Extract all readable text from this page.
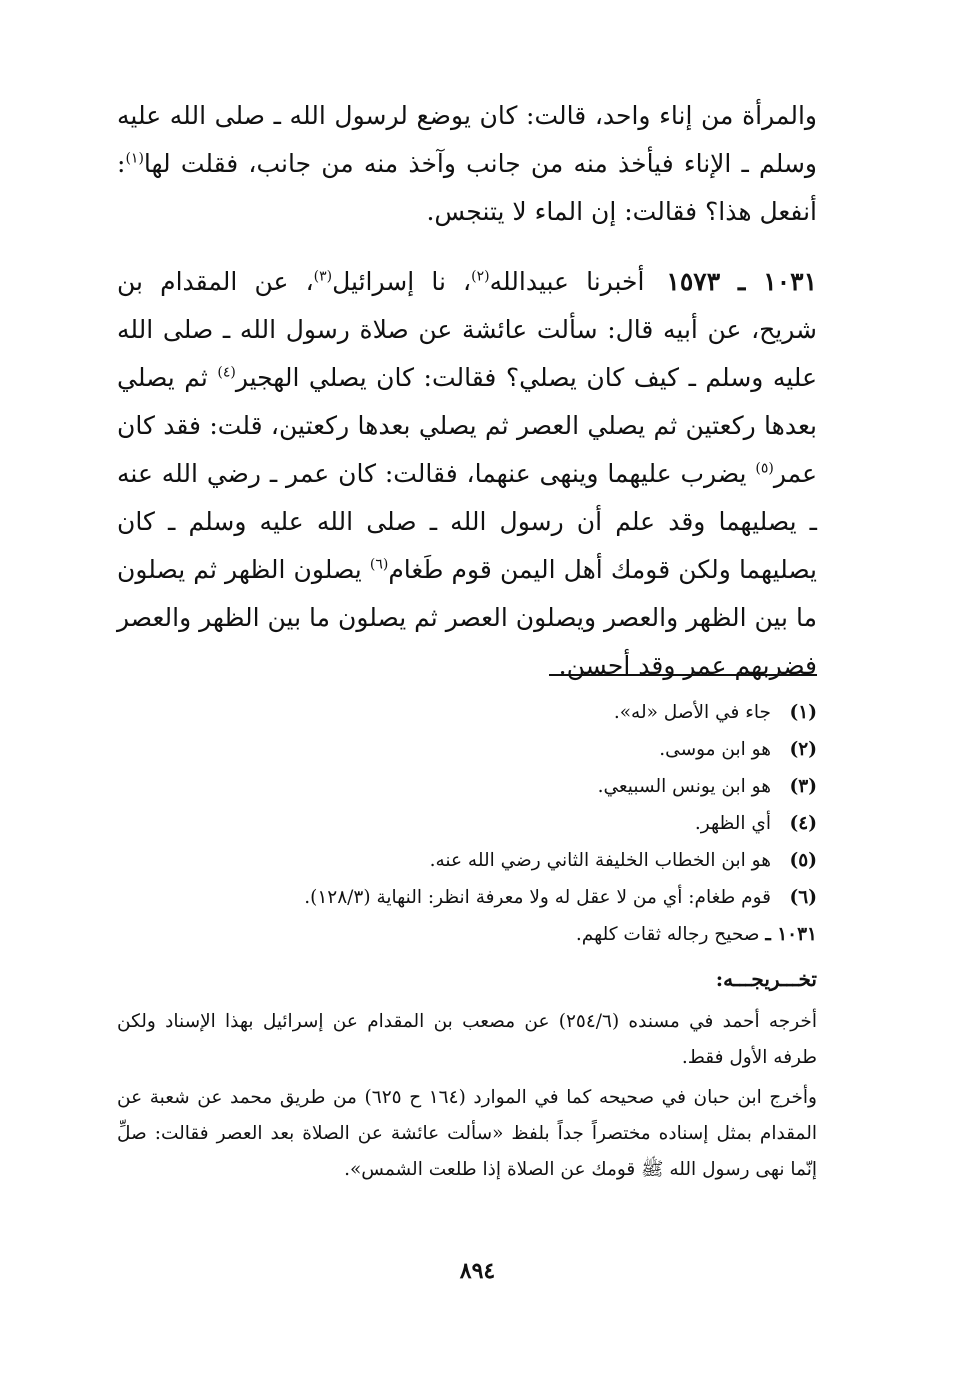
والمرأة من إناء واحد، قالت: كان يوضع لرسول الله ـ صلى الله عليه وسلم ـ الإناء فيأخذ منه من جانب وآخذ منه من جانب، فقلت لها$^{(١)}$: أنفعل هذا؟ فقالت: إن الماء لا يتنجس.

١٠٣١ ـ ١٥٧٣أخبرنا عبيدالله$^{(٢)}$، نا إسرائيل$^{(٣)}$، عن المقدام بن شريح، عن أبيه قال: سألت عائشة عن صلاة رسول الله ـ صلى الله عليه وسلم ـ كيف كان يصلي؟ فقالت: كان يصلي الهجير$^{(٤)}$ ثم يصلي بعدها ركعتين ثم يصلي العصر ثم يصلي بعدها ركعتين، قلت: فقد كان عمر$^{(٥)}$ يضرب عليهما وينهى عنهما، فقالت: كان عمر ـ رضي الله عنه ـ يصليهما وقد علم أن رسول الله ـ صلى الله عليه وسلم ـ كان يصليهما ولكن قومك أهل اليمن قوم طَغام$^{(٦)}$ يصلون الظهر ثم يصلون ما بين الظهر والعصر ويصلون العصر ثم يصلون ما بين الظهر والعصر فضربهم عمر وقد أحسن.

(١)جاء في الأصل «له».
(٢)هو ابن موسى.
(٣)هو ابن يونس السبيعي.
(٤)أي الظهر.
(٥)هو ابن الخطاب الخليفة الثاني رضي الله عنه.
(٦)قوم طغام: أي من لا عقل له ولا معرفة انظر: النهاية (١٢٨/٣).
١٠٣١ ـ صحيح رجاله ثقات كلهم.
تخـــريجـــه:

أخرجه أحمد في مسنده (٢٥٤/٦) عن مصعب بن المقدام عن إسرائيل بهذا الإسناد ولكن طرفه الأول فقط.

وأخرج ابن حبان في صحيحه كما في الموارد (١٦٤ ح ٦٢٥) من طريق محمد عن شعبة عن المقدام بمثل إسناده مختصراً جداً بلفظ «سألت عائشة عن الصلاة بعد العصر فقالت: صلِّ إنّما نهى رسول الله ﷺ قومك عن الصلاة إذا طلعت الشمس».

٨٩٤
